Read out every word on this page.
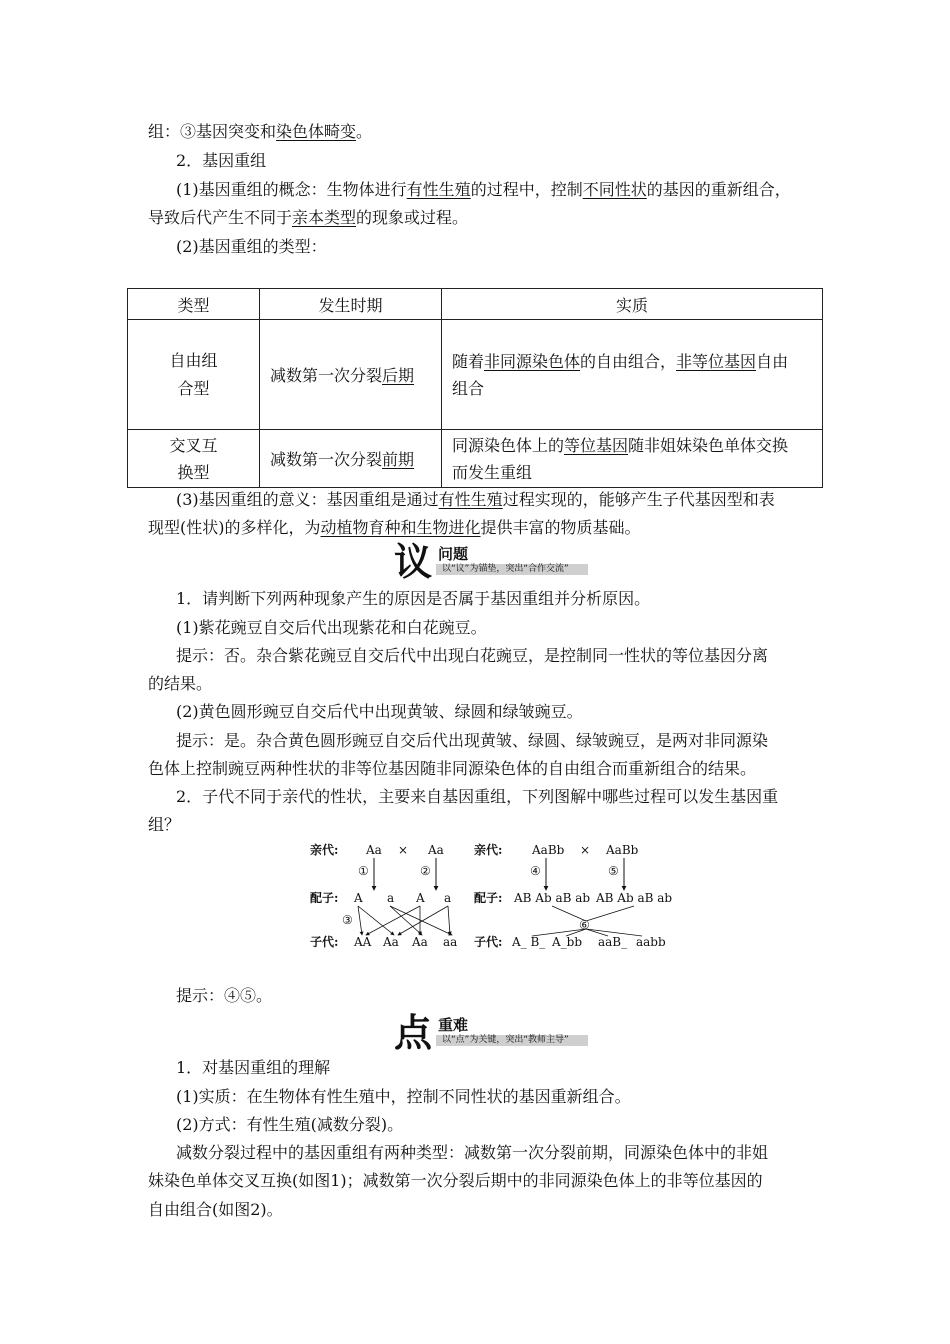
组：③基因突变和染色体畸变。
2．基因重组
(1)基因重组的概念：生物体进行有性生殖的过程中，控制不同性状的基因的重新组合，
导致后代产生不同于亲本类型的现象或过程。
(2)基因重组的类型：
类型	发生时期	实质
自由组
合型	减数第一次分裂后期	随着非同源染色体的自由组合，非等位基因自由
组合
交叉互
换型	减数第一次分裂前期	同源染色体上的等位基因随非姐妹染色单体交换
而发生重组
(3)基因重组的意义：基因重组是通过有性生殖过程实现的，能够产生子代基因型和表
现型(性状)的多样化，为动植物育种和生物进化提供丰富的物质基础。
议 问题
以“议”为锚垫，突出“合作交流”
1．请判断下列两种现象产生的原因是否属于基因重组并分析原因。
(1)紫花豌豆自交后代出现紫花和白花豌豆。
提示：否。杂合紫花豌豆自交后代中出现白花豌豆，是控制同一性状的等位基因分离
的结果。
(2)黄色圆形豌豆自交后代中出现黄皱、绿圆和绿皱豌豆。
提示：是。杂合黄色圆形豌豆自交后代出现黄皱、绿圆、绿皱豌豆，是两对非同源染
色体上控制豌豆两种性状的非等位基因随非同源染色体的自由组合而重新组合的结果。
2．子代不同于亲代的性状，主要来自基因重组，下列图解中哪些过程可以发生基因重
组？
亲代: Aa × Aa
①	②
配子: A a A a
③
子代: AA Aa Aa aa
亲代: AaBb × AaBb
④	⑤
配子: AB Ab aB ab AB Ab aB ab
⑥
子代: A_ B_ A_bb aaB_ aabb
提示：④⑤。
点 重难
以“点”为关键，突出“教师主导”
1．对基因重组的理解
(1)实质：在生物体有性生殖中，控制不同性状的基因重新组合。
(2)方式：有性生殖(减数分裂)。
减数分裂过程中的基因重组有两种类型：减数第一次分裂前期，同源染色体中的非姐
妹染色单体交叉互换(如图1)；减数第一次分裂后期中的非同源染色体上的非等位基因的
自由组合(如图2)。
